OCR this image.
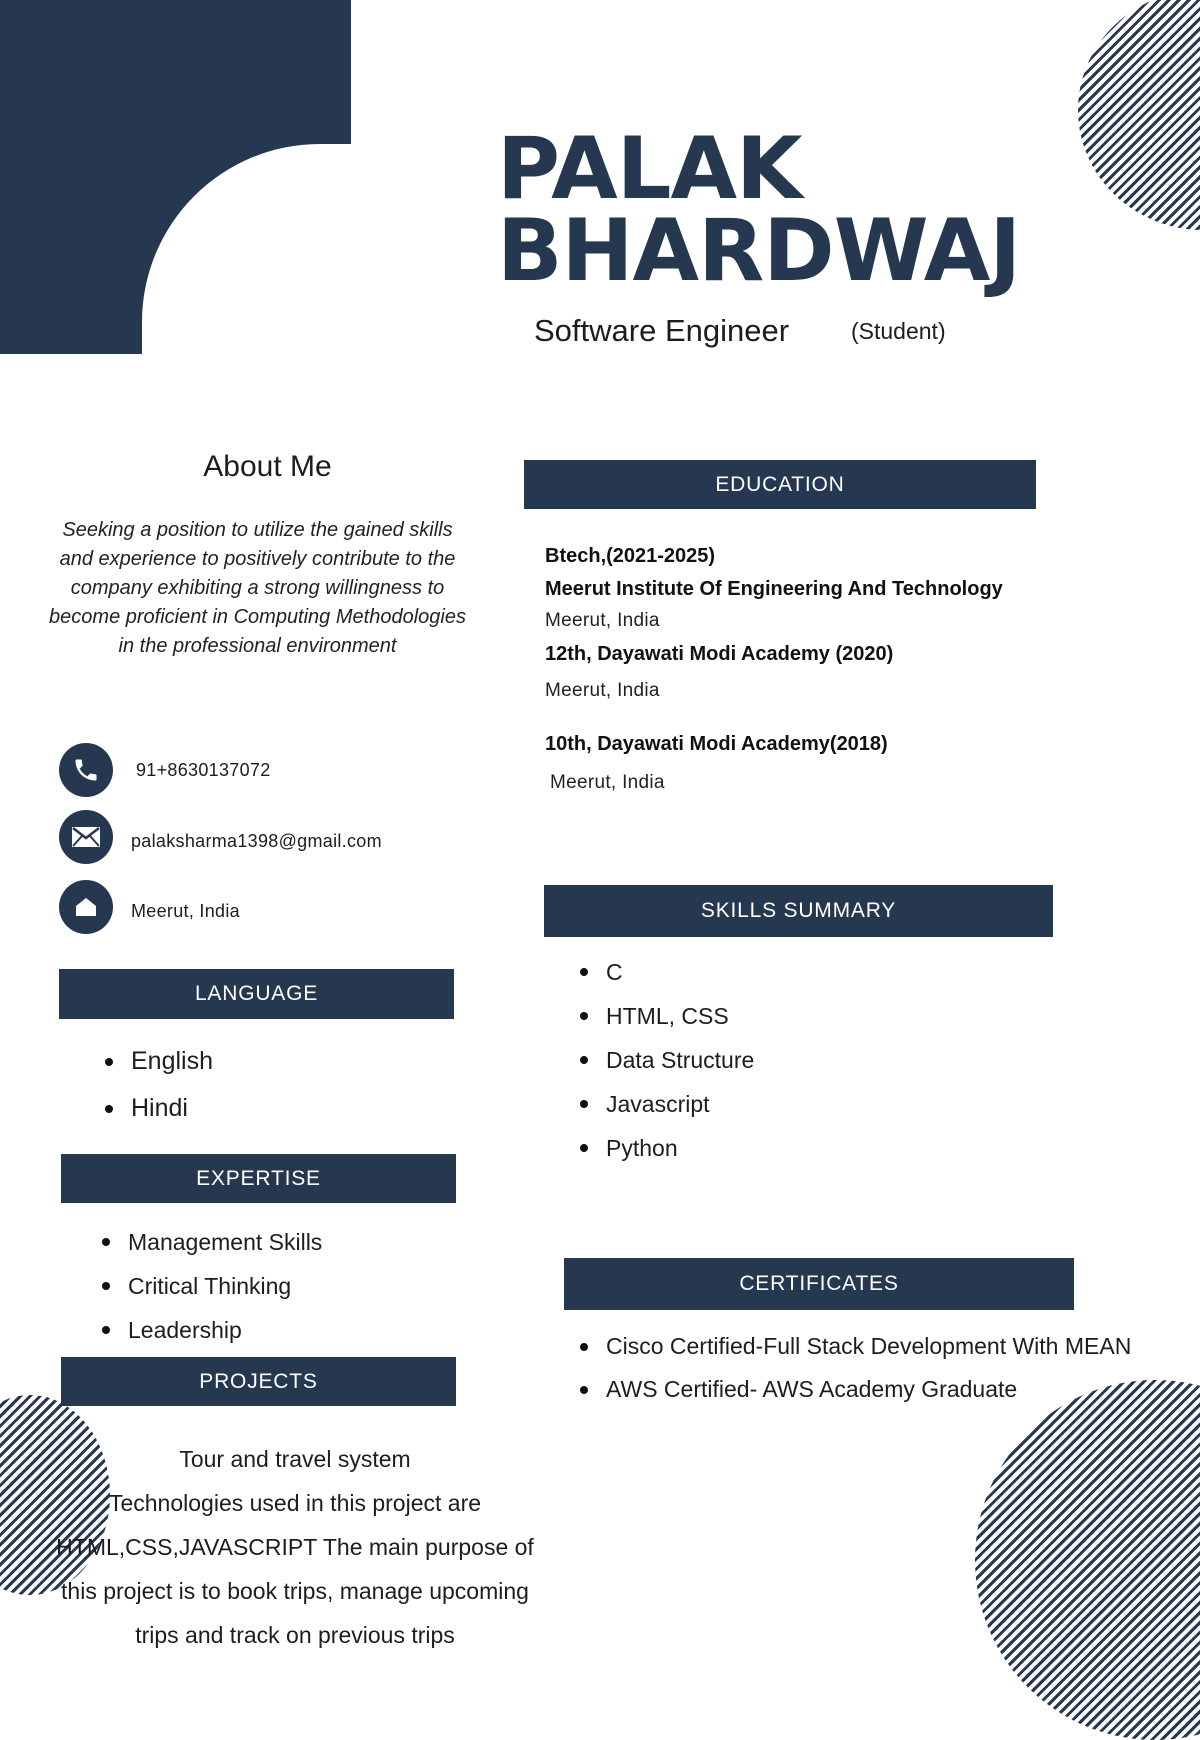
PALAK
BHARDWAJ
Software Engineer	(Student)
About Me
Seeking a position to utilize the gained skills and experience to positively contribute to the company exhibiting a strong willingness to become proficient in Computing Methodologies in the professional environment
91+8630137072
palaksharma1398@gmail.com
Meerut, India
LANGUAGE
English
Hindi
EXPERTISE
Management Skills
Critical Thinking
Leadership
PROJECTS
Tour and travel system
Technologies used in this project are HTML,CSS,JAVASCRIPT The main purpose of this project is to book trips, manage upcoming trips and track on previous trips
EDUCATION
Btech,(2021-2025)
Meerut Institute Of Engineering And Technology
Meerut, India
12th, Dayawati Modi Academy (2020)
Meerut, India
10th, Dayawati Modi Academy(2018)
Meerut, India
SKILLS SUMMARY
C
HTML, CSS
Data Structure
Javascript
Python
CERTIFICATES
Cisco Certified-Full Stack Development With MEAN
AWS Certified- AWS Academy Graduate
